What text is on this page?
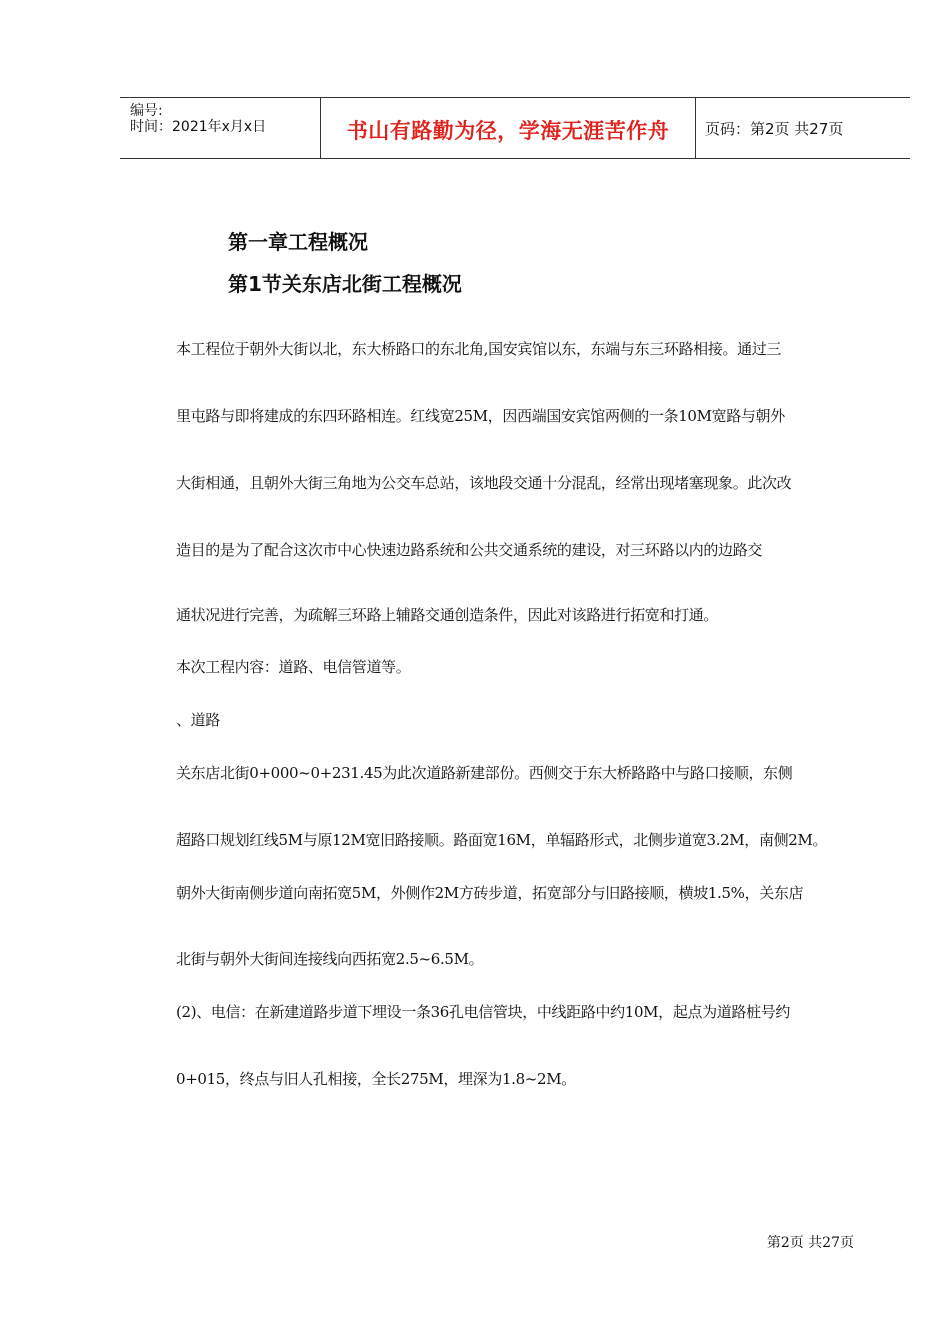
编号:
时间：2021年x月x日	书山有路勤为径，学海无涯苦作舟	页码：第2页 共27页
第一章工程概况
第1节关东店北街工程概况
本工程位于朝外大街以北，东大桥路口的东北角,国安宾馆以东，东端与东三环路相接。通过三
里屯路与即将建成的东四环路相连。红线宽25M，因西端国安宾馆两侧的一条10M宽路与朝外
大街相通，且朝外大街三角地为公交车总站，该地段交通十分混乱，经常出现堵塞现象。此次改
造目的是为了配合这次市中心快速边路系统和公共交通系统的建设，对三环路以内的边路交
通状况进行完善，为疏解三环路上辅路交通创造条件，因此对该路进行拓宽和打通。
本次工程内容：道路、电信管道等。
、道路
关东店北街0+000~0+231.45为此次道路新建部份。西侧交于东大桥路路中与路口接顺，东侧
超路口规划红线5M与原12M宽旧路接顺。路面宽16M，单辐路形式，北侧步道宽3.2M，南侧2M。
朝外大街南侧步道向南拓宽5M，外侧作2M方砖步道，拓宽部分与旧路接顺，横坡1.5%，关东店
北街与朝外大街间连接线向西拓宽2.5~6.5M。
(2)、电信：在新建道路步道下埋设一条36孔电信管块，中线距路中约10M，起点为道路桩号约
0+015，终点与旧人孔相接，全长275M，埋深为1.8~2M。
第2页 共27页
